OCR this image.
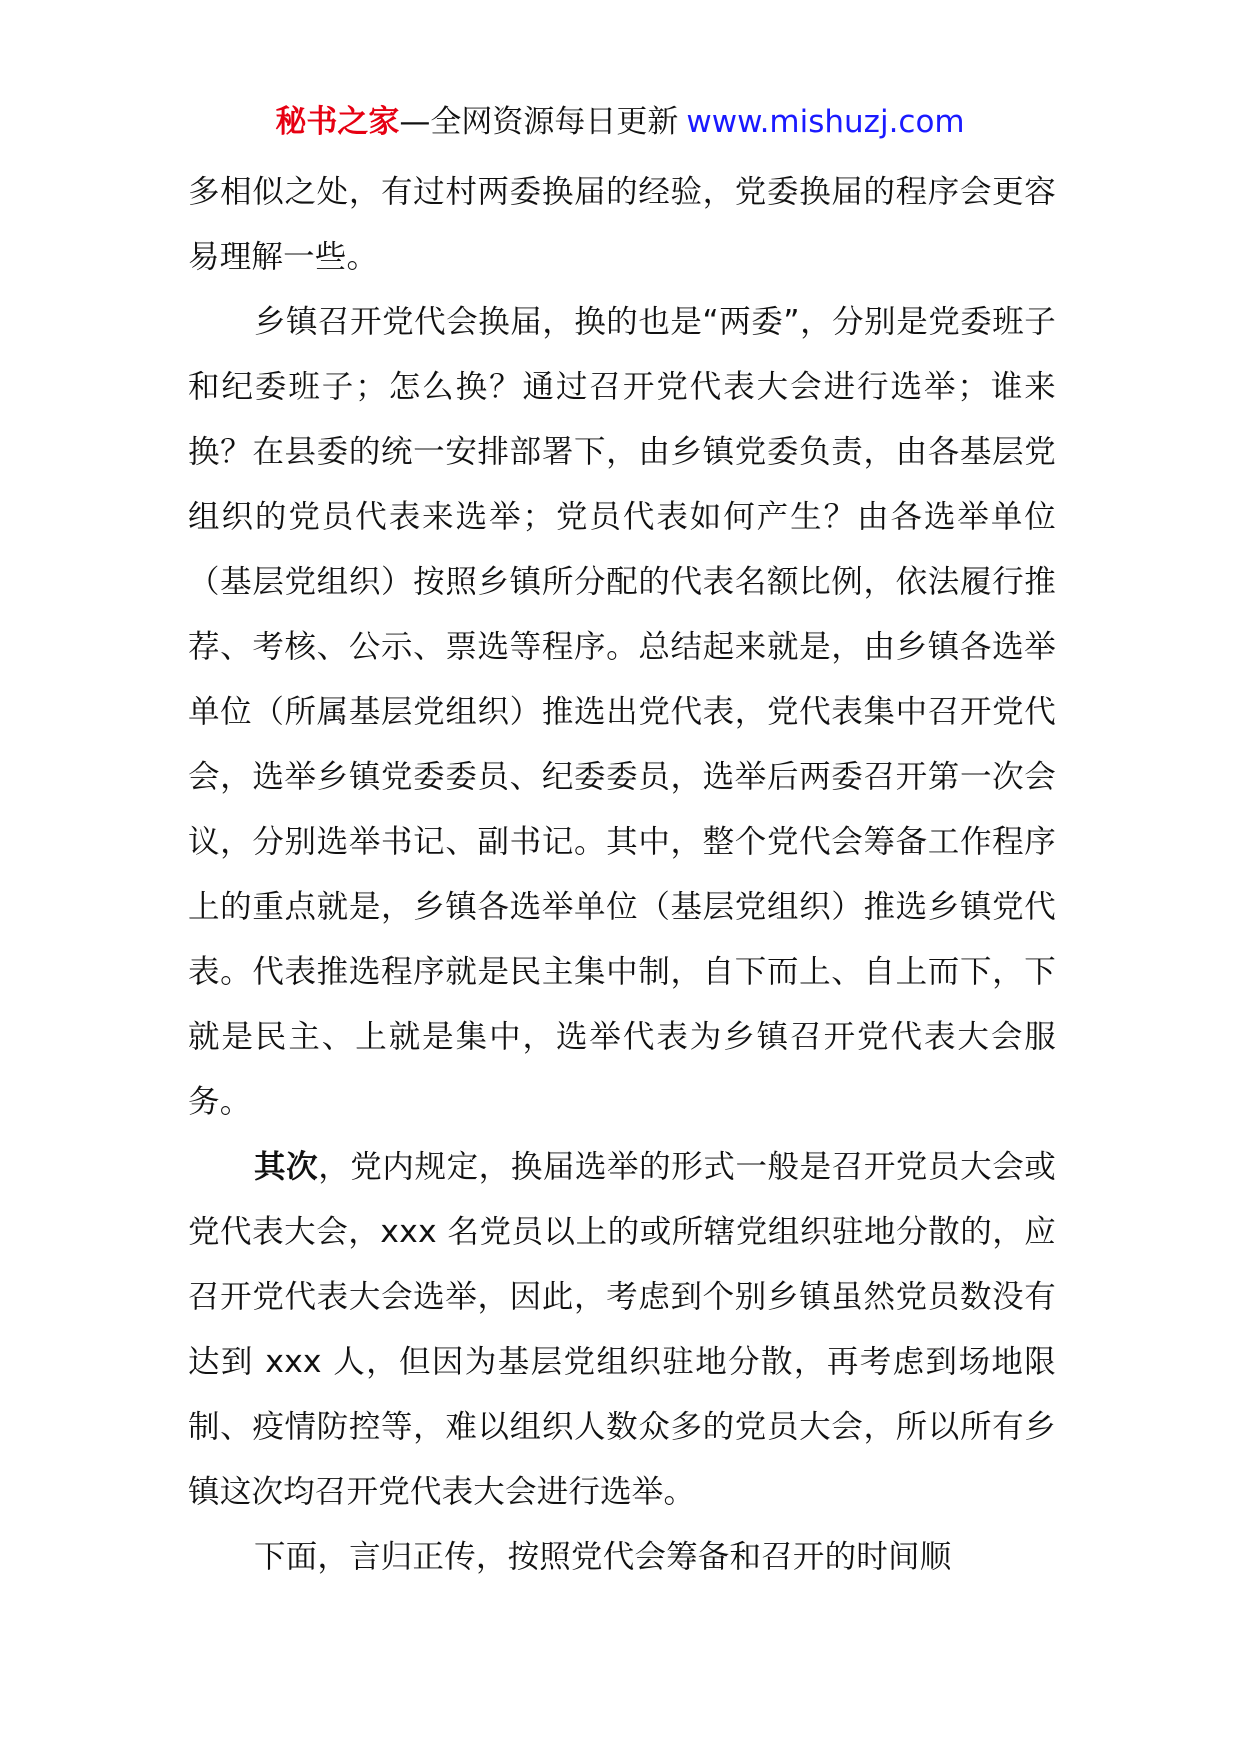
秘书之家—全网资源每日更新 www.mishuzj.com

多相似之处，有过村两委换届的经验，党委换届的程序会更容易理解一些。

乡镇召开党代会换届，换的也是“两委”，分别是党委班子和纪委班子；怎么换？通过召开党代表大会进行选举；谁来换？在县委的统一安排部署下，由乡镇党委负责，由各基层党组织的党员代表来选举；党员代表如何产生？由各选举单位（基层党组织）按照乡镇所分配的代表名额比例，依法履行推荐、考核、公示、票选等程序。总结起来就是，由乡镇各选举单位（所属基层党组织）推选出党代表，党代表集中召开党代会，选举乡镇党委委员、纪委委员，选举后两委召开第一次会议，分别选举书记、副书记。其中，整个党代会筹备工作程序上的重点就是，乡镇各选举单位（基层党组织）推选乡镇党代表。代表推选程序就是民主集中制，自下而上、自上而下，下就是民主、上就是集中，选举代表为乡镇召开党代表大会服务。

其次，党内规定，换届选举的形式一般是召开党员大会或党代表大会，xxx 名党员以上的或所辖党组织驻地分散的，应召开党代表大会选举，因此，考虑到个别乡镇虽然党员数没有达到 xxx 人，但因为基层党组织驻地分散，再考虑到场地限制、疫情防控等，难以组织人数众多的党员大会，所以所有乡镇这次均召开党代表大会进行选举。

下面，言归正传，按照党代会筹备和召开的时间顺
